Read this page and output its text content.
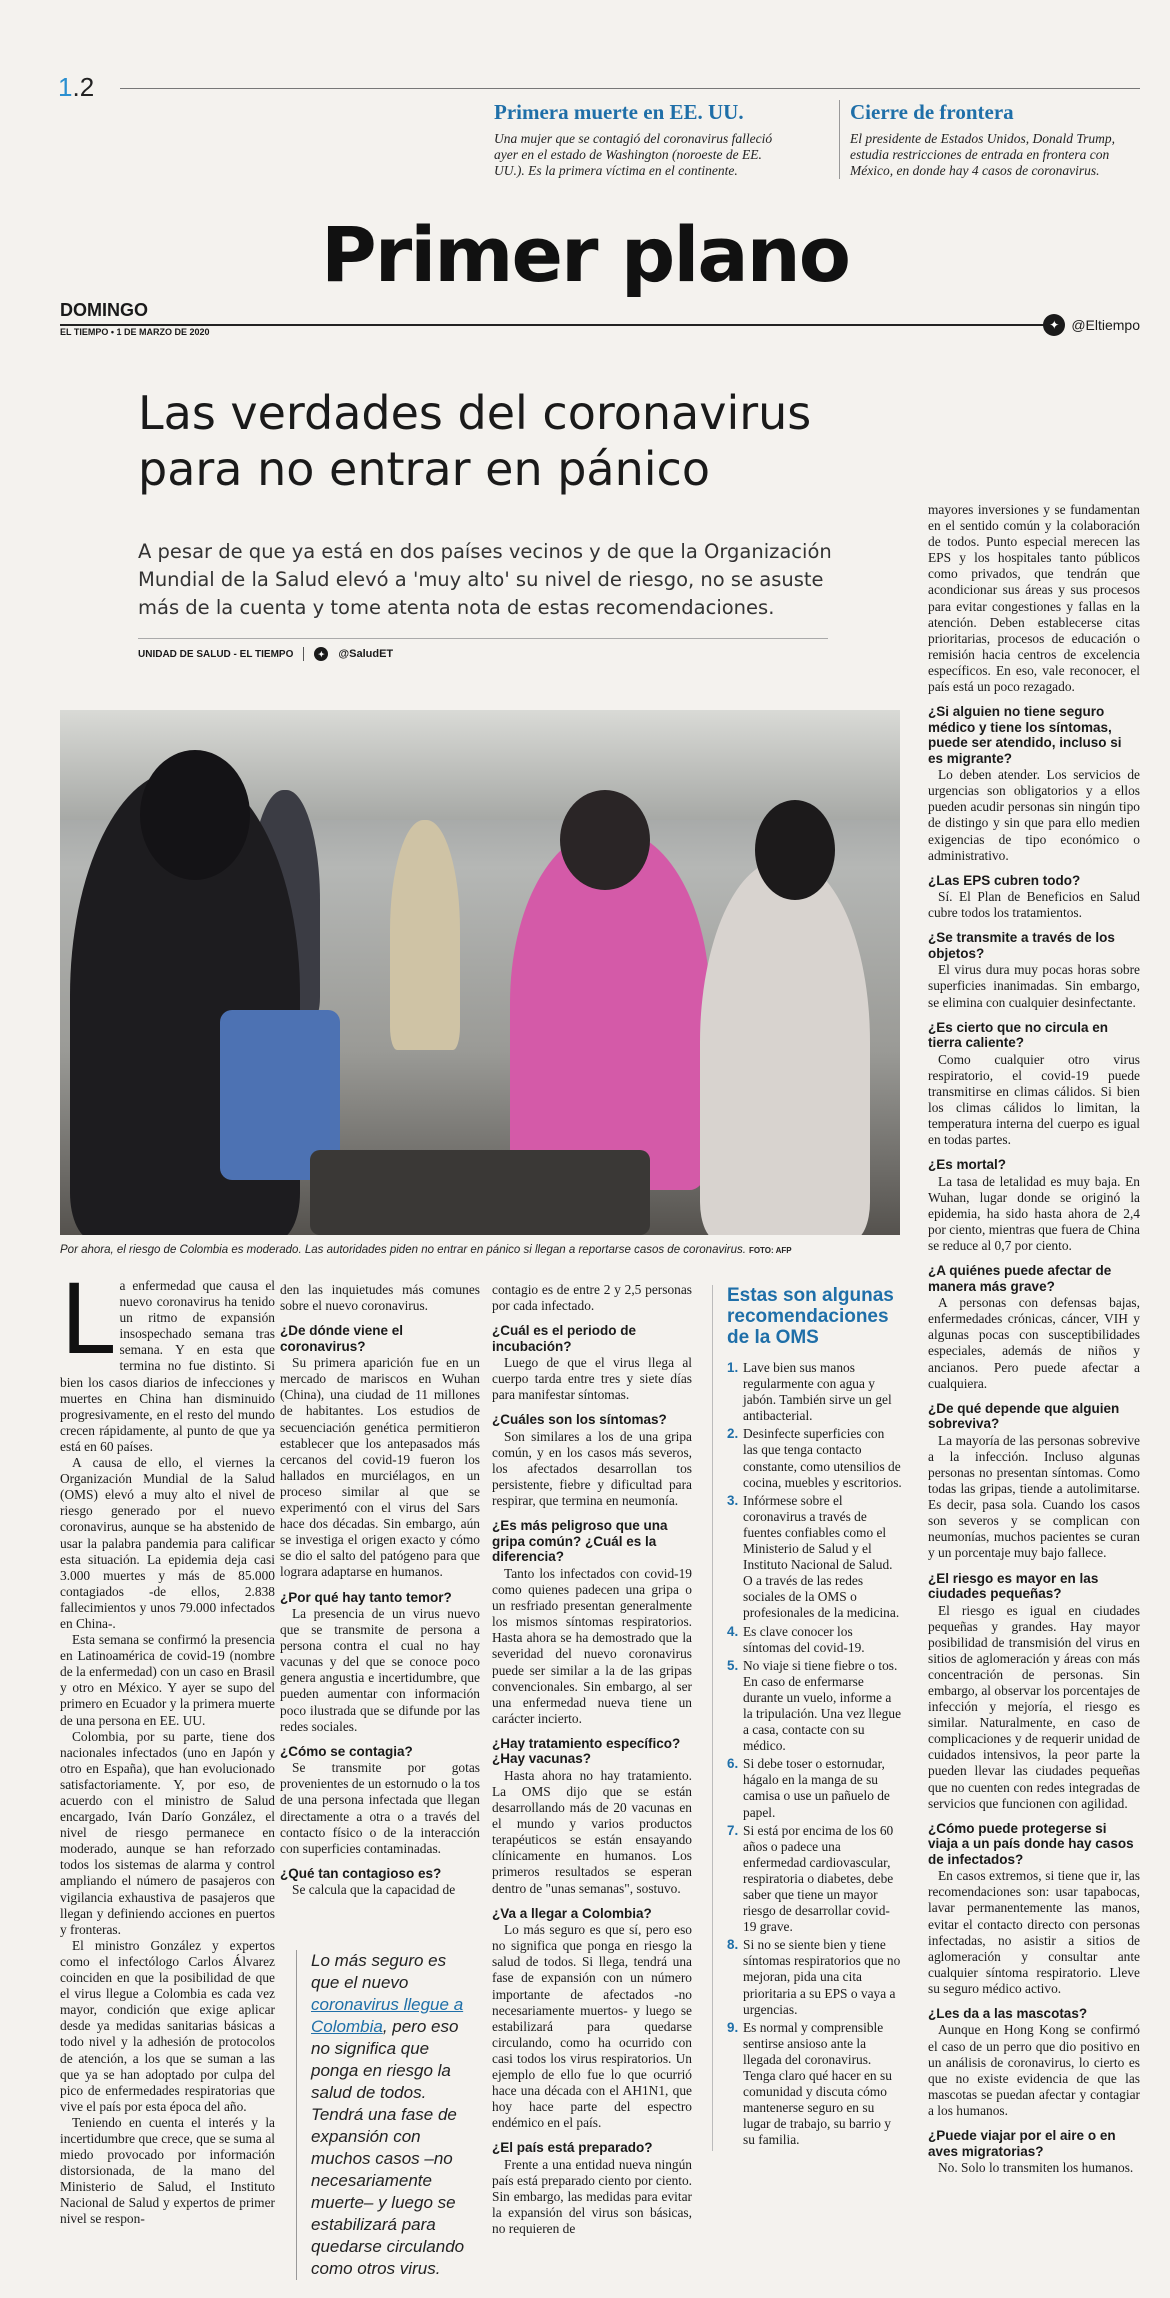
1.2
Primera muerte en EE. UU.

Una mujer que se contagió del coronavirus falleció ayer en el estado de Washington (noroeste de EE. UU.). Es la primera víctima en el continente.

Cierre de frontera

El presidente de Estados Unidos, Donald Trump, estudia restricciones de entrada en frontera con México, en donde hay 4 casos de coronavirus.

Primer plano
DOMINGO
EL TIEMPO • 1 DE MARZO DE 2020	✦ @Eltiempo
Las verdades del coronavirus para no entrar en pánico

A pesar de que ya está en dos países vecinos y de que la Organización Mundial de la Salud elevó a 'muy alto' su nivel de riesgo, no se asuste más de la cuenta y tome atenta nota de estas recomendaciones.

UNIDAD DE SALUD - EL TIEMPO	✦	@SaludET
Por ahora, el riesgo de Colombia es moderado. Las autoridades piden no entrar en pánico si llegan a reportarse casos de coronavirus. FOTO: AFP
L a enfermedad que causa el nuevo coronavirus ha tenido un ritmo de expansión insospechado semana tras semana. Y en esta que termina no fue distinto. Si bien los casos diarios de infecciones y muertes en China han disminuido progresivamente, en el resto del mundo crecen rápidamente, al punto de que ya está en 60 países.

A causa de ello, el viernes la Organización Mundial de la Salud (OMS) elevó a muy alto el nivel de riesgo generado por el nuevo coronavirus, aunque se ha abstenido de usar la palabra pandemia para calificar esta situación. La epidemia deja casi 3.000 muertes y más de 85.000 contagiados -de ellos, 2.838 fallecimientos y unos 79.000 infectados en China-.

Esta semana se confirmó la presencia en Latinoamérica de covid-19 (nombre de la enfermedad) con un caso en Brasil y otro en México. Y ayer se supo del primero en Ecuador y la primera muerte de una persona en EE. UU.

Colombia, por su parte, tiene dos nacionales infectados (uno en Japón y otro en España), que han evolucionado satisfactoriamente. Y, por eso, de acuerdo con el ministro de Salud encargado, Iván Darío González, el nivel de riesgo permanece en moderado, aunque se han reforzado todos los sistemas de alarma y control ampliando el número de pasajeros con vigilancia exhaustiva de pasajeros que llegan y definiendo acciones en puertos y fronteras.

El ministro González y expertos como el infectólogo Carlos Álvarez coinciden en que la posibilidad de que el virus llegue a Colombia es cada vez mayor, condición que exige aplicar desde ya medidas sanitarias básicas a todo nivel y la adhesión de protocolos de atención, a los que se suman a las que ya se han adoptado por culpa del pico de enfermedades respiratorias que vive el país por esta época del año.

Teniendo en cuenta el interés y la incertidumbre que crece, que se suma al miedo provocado por información distorsionada, de la mano del Ministerio de Salud, el Instituto Nacional de Salud y expertos de primer nivel se respon-

den las inquietudes más comunes sobre el nuevo coronavirus.

¿De dónde viene el coronavirus?

Su primera aparición fue en un mercado de mariscos en Wuhan (China), una ciudad de 11 millones de habitantes. Los estudios de secuenciación genética permitieron establecer que los antepasados más cercanos del covid-19 fueron los hallados en murciélagos, en un proceso similar al que se experimentó con el virus del Sars hace dos décadas. Sin embargo, aún se investiga el origen exacto y cómo se dio el salto del patógeno para que lograra adaptarse en humanos.

¿Por qué hay tanto temor?

La presencia de un virus nuevo que se transmite de persona a persona contra el cual no hay vacunas y del que se conoce poco genera angustia e incertidumbre, que pueden aumentar con información poco ilustrada que se difunde por las redes sociales.

¿Cómo se contagia?

Se transmite por gotas provenientes de un estornudo o la tos de una persona infectada que llegan directamente a otra o a través del contacto físico o de la interacción con superficies contaminadas.

¿Qué tan contagioso es?

Se calcula que la capacidad de

Lo más seguro es que el nuevo coronavirus llegue a Colombia, pero eso no significa que ponga en riesgo la salud de todos. Tendrá una fase de expansión con muchos casos –no necesariamente muerte– y luego se estabilizará para quedarse circulando como otros virus.

contagio es de entre 2 y 2,5 personas por cada infectado.

¿Cuál es el periodo de incubación?

Luego de que el virus llega al cuerpo tarda entre tres y siete días para manifestar síntomas.

¿Cuáles son los síntomas?

Son similares a los de una gripa común, y en los casos más severos, los afectados desarrollan tos persistente, fiebre y dificultad para respirar, que termina en neumonía.

¿Es más peligroso que una gripa común? ¿Cuál es la diferencia?

Tanto los infectados con covid-19 como quienes padecen una gripa o un resfriado presentan generalmente los mismos síntomas respiratorios. Hasta ahora se ha demostrado que la severidad del nuevo coronavirus puede ser similar a la de las gripas convencionales. Sin embargo, al ser una enfermedad nueva tiene un carácter incierto.

¿Hay tratamiento específico? ¿Hay vacunas?

Hasta ahora no hay tratamiento. La OMS dijo que se están desarrollando más de 20 vacunas en el mundo y varios productos terapéuticos se están ensayando clínicamente en humanos. Los primeros resultados se esperan dentro de "unas semanas", sostuvo.

¿Va a llegar a Colombia?

Lo más seguro es que sí, pero eso no significa que ponga en riesgo la salud de todos. Si llega, tendrá una fase de expansión con un número importante de afectados -no necesariamente muertos- y luego se estabilizará para quedarse circulando, como ha ocurrido con casi todos los virus respiratorios. Un ejemplo de ello fue lo que ocurrió hace una década con el AH1N1, que hoy hace parte del espectro endémico en el país.

¿El país está preparado?

Frente a una entidad nueva ningún país está preparado ciento por ciento. Sin embargo, las medidas para evitar la expansión del virus son básicas, no requieren de

Estas son algunas recomendaciones de la OMS
1. Lave bien sus manos regularmente con agua y jabón. También sirve un gel antibacterial.
2. Desinfecte superficies con las que tenga contacto constante, como utensilios de cocina, muebles y escritorios.
3. Infórmese sobre el coronavirus a través de fuentes confiables como el Ministerio de Salud y el Instituto Nacional de Salud. O a través de las redes sociales de la OMS o profesionales de la medicina.
4. Es clave conocer los síntomas del covid-19.
5. No viaje si tiene fiebre o tos. En caso de enfermarse durante un vuelo, informe a la tripulación. Una vez llegue a casa, contacte con su médico.
6. Si debe toser o estornudar, hágalo en la manga de su camisa o use un pañuelo de papel.
7. Si está por encima de los 60 años o padece una enfermedad cardiovascular, respiratoria o diabetes, debe saber que tiene un mayor riesgo de desarrollar covid-19 grave.
8. Si no se siente bien y tiene síntomas respiratorios que no mejoran, pida una cita prioritaria a su EPS o vaya a urgencias.
9. Es normal y comprensible sentirse ansioso ante la llegada del coronavirus. Tenga claro qué hacer en su comunidad y discuta cómo mantenerse seguro en su lugar de trabajo, su barrio y su familia.

mayores inversiones y se fundamentan en el sentido común y la colaboración de todos. Punto especial merecen las EPS y los hospitales tanto públicos como privados, que tendrán que acondicionar sus áreas y sus procesos para evitar congestiones y fallas en la atención. Deben establecerse citas prioritarias, procesos de educación o remisión hacia centros de excelencia específicos. En eso, vale reconocer, el país está un poco rezagado.

¿Si alguien no tiene seguro médico y tiene los síntomas, puede ser atendido, incluso si es migrante?

Lo deben atender. Los servicios de urgencias son obligatorios y a ellos pueden acudir personas sin ningún tipo de distingo y sin que para ello medien exigencias de tipo económico o administrativo.

¿Las EPS cubren todo?

Sí. El Plan de Beneficios en Salud cubre todos los tratamientos.

¿Se transmite a través de los objetos?

El virus dura muy pocas horas sobre superficies inanimadas. Sin embargo, se elimina con cualquier desinfectante.

¿Es cierto que no circula en tierra caliente?

Como cualquier otro virus respiratorio, el covid-19 puede transmitirse en climas cálidos. Si bien los climas cálidos lo limitan, la temperatura interna del cuerpo es igual en todas partes.

¿Es mortal?

La tasa de letalidad es muy baja. En Wuhan, lugar donde se originó la epidemia, ha sido hasta ahora de 2,4 por ciento, mientras que fuera de China se reduce al 0,7 por ciento.

¿A quiénes puede afectar de manera más grave?

A personas con defensas bajas, enfermedades crónicas, cáncer, VIH y algunas pocas con susceptibilidades especiales, además de niños y ancianos. Pero puede afectar a cualquiera.

¿De qué depende que alguien sobreviva?

La mayoría de las personas sobrevive a la infección. Incluso algunas personas no presentan síntomas. Como todas las gripas, tiende a autolimitarse. Es decir, pasa sola. Cuando los casos son severos y se complican con neumonías, muchos pacientes se curan y un porcentaje muy bajo fallece.

¿El riesgo es mayor en las ciudades pequeñas?

El riesgo es igual en ciudades pequeñas y grandes. Hay mayor posibilidad de transmisión del virus en sitios de aglomeración y áreas con más concentración de personas. Sin embargo, al observar los porcentajes de infección y mejoría, el riesgo es similar. Naturalmente, en caso de complicaciones y de requerir unidad de cuidados intensivos, la peor parte la pueden llevar las ciudades pequeñas que no cuenten con redes integradas de servicios que funcionen con agilidad.

¿Cómo puede protegerse si viaja a un país donde hay casos de infectados?

En casos extremos, si tiene que ir, las recomendaciones son: usar tapabocas, lavar permanentemente las manos, evitar el contacto directo con personas infectadas, no asistir a sitios de aglomeración y consultar ante cualquier síntoma respiratorio. Lleve su seguro médico activo.

¿Les da a las mascotas?

Aunque en Hong Kong se confirmó el caso de un perro que dio positivo en un análisis de coronavirus, lo cierto es que no existe evidencia de que las mascotas se puedan afectar y contagiar a los humanos.

¿Puede viajar por el aire o en aves migratorias?

No. Solo lo transmiten los humanos.
